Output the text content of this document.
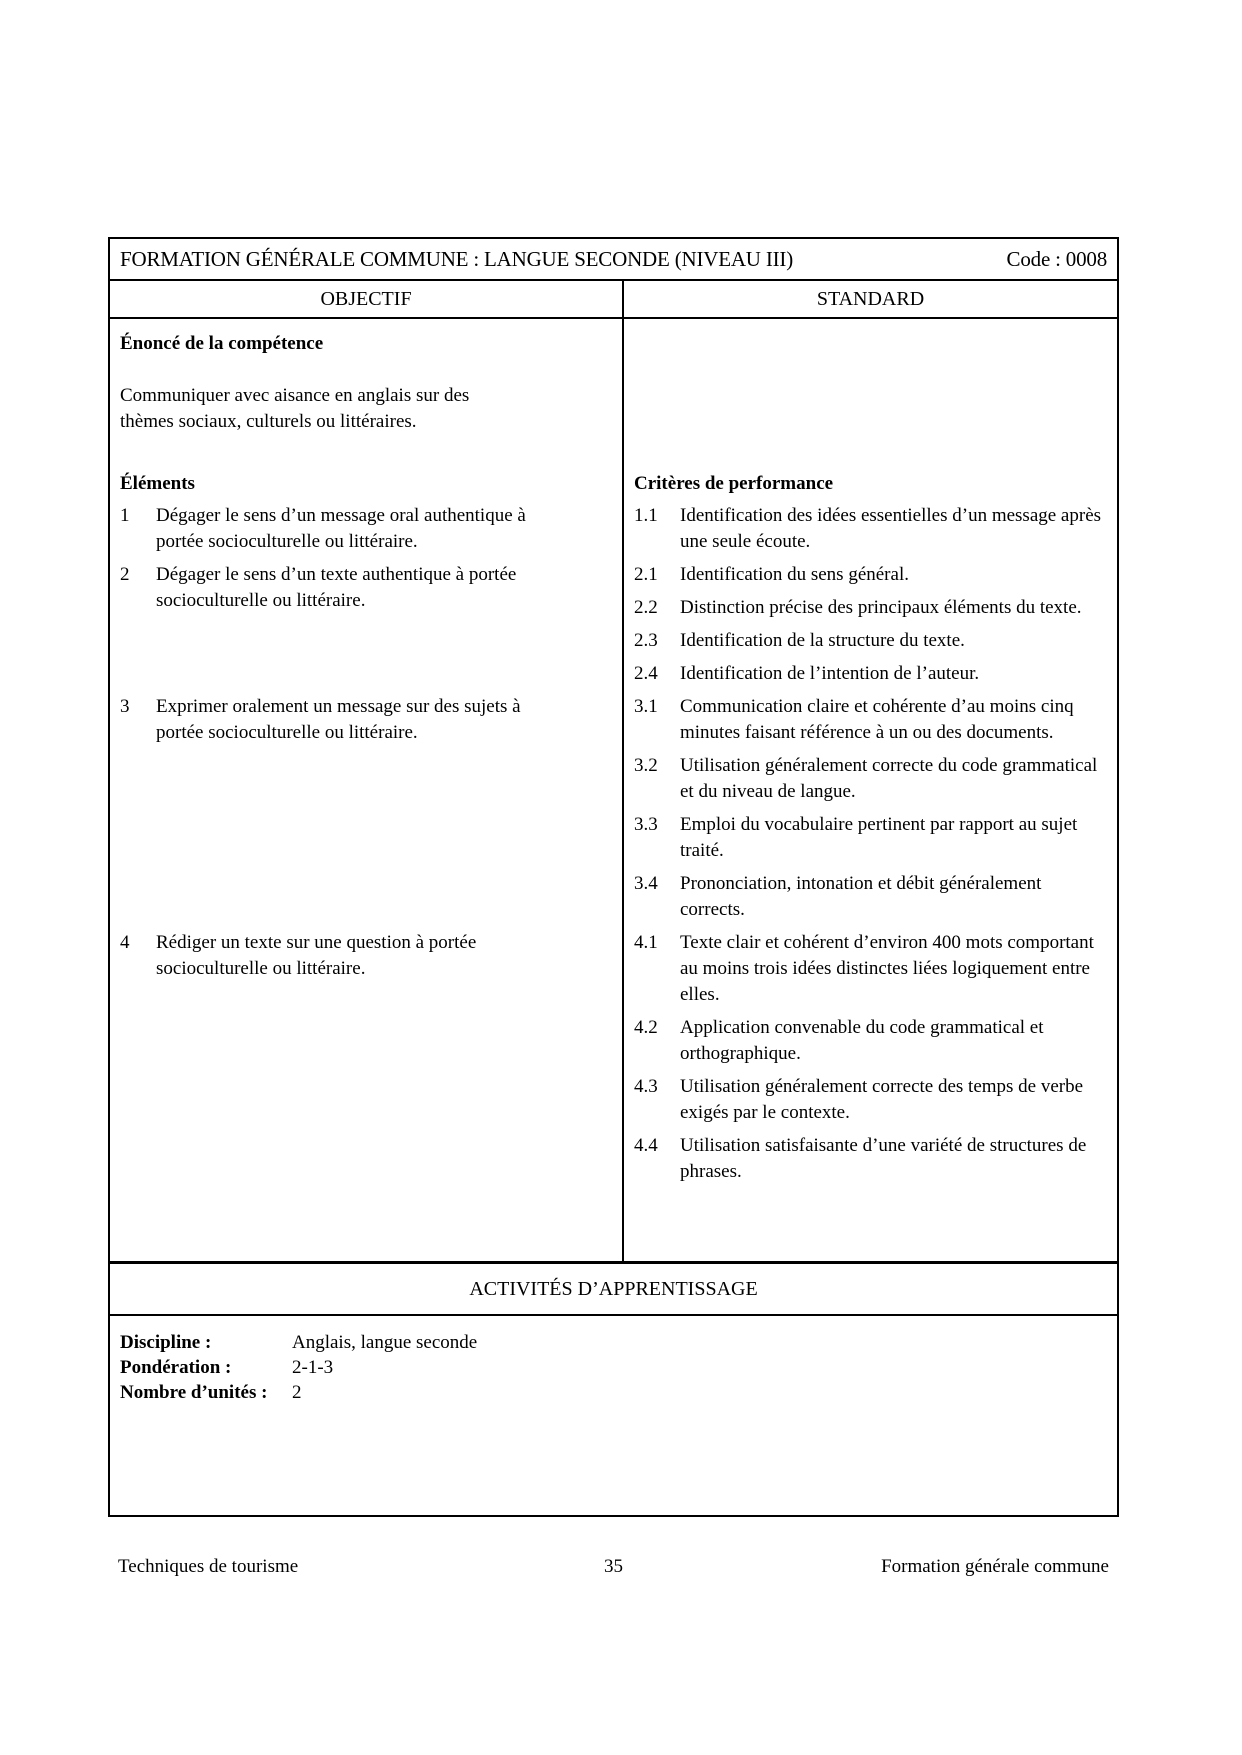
FORMATION GÉNÉRALE COMMUNE : LANGUE SECONDE (NIVEAU III)	Code : 0008
OBJECTIF	STANDARD
Énoncé de la compétence
Communiquer avec aisance en anglais sur des thèmes sociaux, culturels ou littéraires.
Éléments	Critères de performance
1	Dégager le sens d’un message oral authentique à portée socioculturelle ou littéraire.
1.1	Identification des idées essentielles d’un message après une seule écoute.
2	Dégager le sens d’un texte authentique à portée socioculturelle ou littéraire.
2.1	Identification du sens général.
2.2	Distinction précise des principaux éléments du texte.
2.3	Identification de la structure du texte.
2.4	Identification de l’intention de l’auteur.
3	Exprimer oralement un message sur des sujets à portée socioculturelle ou littéraire.
3.1	Communication claire et cohérente d’au moins cinq minutes faisant référence à un ou des documents.
3.2	Utilisation généralement correcte du code grammatical et du niveau de langue.
3.3	Emploi du vocabulaire pertinent par rapport au sujet traité.
3.4	Prononciation, intonation et débit généralement corrects.
4	Rédiger un texte sur une question à portée socioculturelle ou littéraire.
4.1	Texte clair et cohérent d’environ 400 mots comportant au moins trois idées distinctes liées logiquement entre elles.
4.2	Application convenable du code grammatical et orthographique.
4.3	Utilisation généralement correcte des temps de verbe exigés par le contexte.
4.4	Utilisation satisfaisante d’une variété de structures de phrases.
ACTIVITÉS D’APPRENTISSAGE
Discipline :	Anglais, langue seconde
Pondération :	2-1-3
Nombre d’unités :	2
Techniques de tourisme	35	Formation générale commune
